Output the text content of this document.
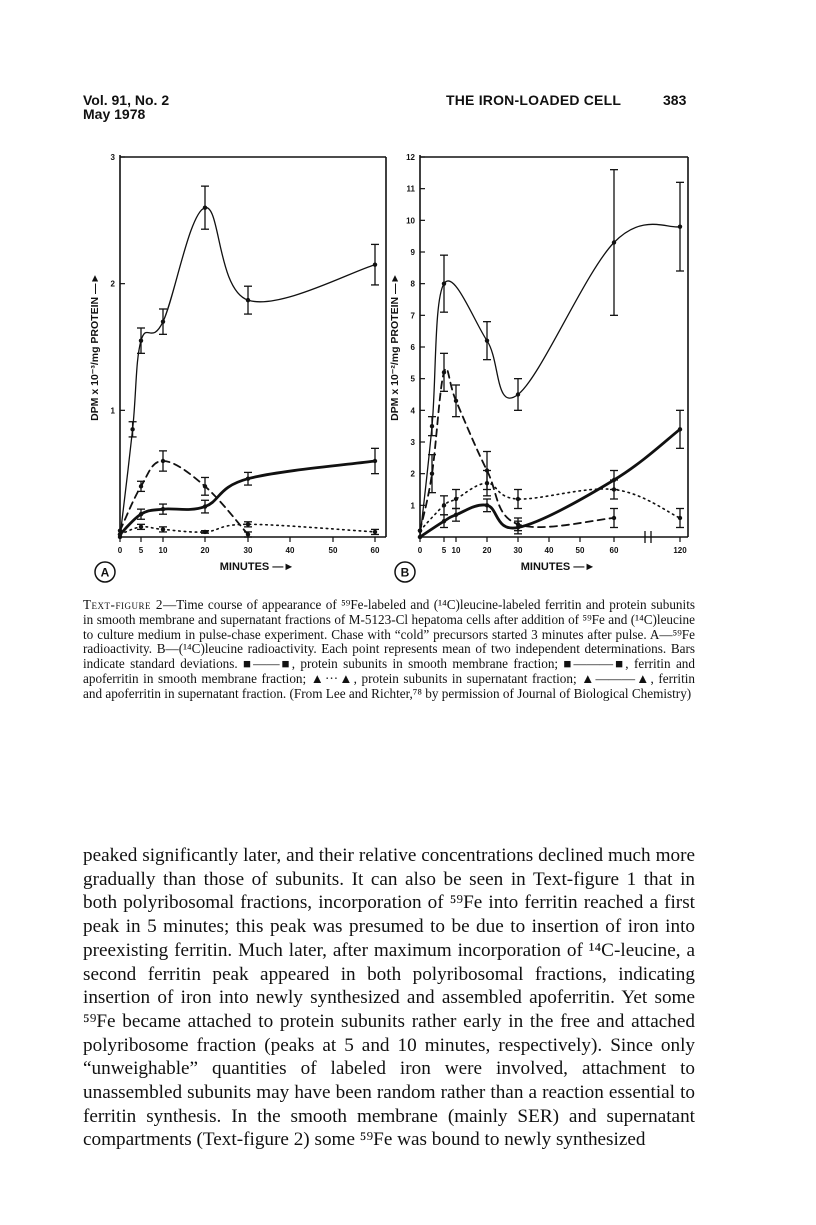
Vol. 91, No. 2
May 1978
THE IRON-LOADED CELL	383
1
2
3
0 5 10	20	30	40	50	60
MINUTES —►
DPM x 10⁻³/mg PROTEIN —►
A
1
2
3
4
5
6
7
8
9
10
11
12
0 5 10	20	30	40	50	60	120
MINUTES —►
DPM x 10⁻²/mg PROTEIN —►
B

Text-figure 2—Time course of appearance of ⁵⁹Fe-labeled and (¹⁴C)leucine-labeled ferritin and protein subunits in smooth membrane and supernatant fractions of M-5123-Cl hepatoma cells after addition of ⁵⁹Fe and (¹⁴C)leucine to culture medium in pulse-chase experiment. Chase with “cold” precursors started 3 minutes after pulse. A—⁵⁹Fe radioactivity. B—(¹⁴C)leucine radioactivity. Each point represents mean of two independent determinations. Bars indicate standard deviations. ■——■, protein subunits in smooth membrane fraction; ■———■, ferritin and apoferritin in smooth membrane fraction; ▲···▲, protein subunits in supernatant fraction; ▲———▲, ferritin and apoferritin in supernatant fraction. (From Lee and Richter,⁷⁸ by permission of Journal of Biological Chemistry)

peaked significantly later, and their relative concentrations declined much more gradually than those of subunits. It can also be seen in Text-figure 1 that in both polyribosomal fractions, incorporation of ⁵⁹Fe into ferritin reached a first peak in 5 minutes; this peak was presumed to be due to insertion of iron into preexisting ferritin. Much later, after maximum incorporation of ¹⁴C-leucine, a second ferritin peak appeared in both polyribosomal fractions, indicating insertion of iron into newly synthesized and assembled apoferritin. Yet some ⁵⁹Fe became attached to protein subunits rather early in the free and attached polyribosome fraction (peaks at 5 and 10 minutes, respectively). Since only “unweighable” quantities of labeled iron were involved, attachment to unassembled subunits may have been random rather than a reaction essential to ferritin synthesis. In the smooth membrane (mainly SER) and supernatant compartments (Text-figure 2) some ⁵⁹Fe was bound to newly synthesized
